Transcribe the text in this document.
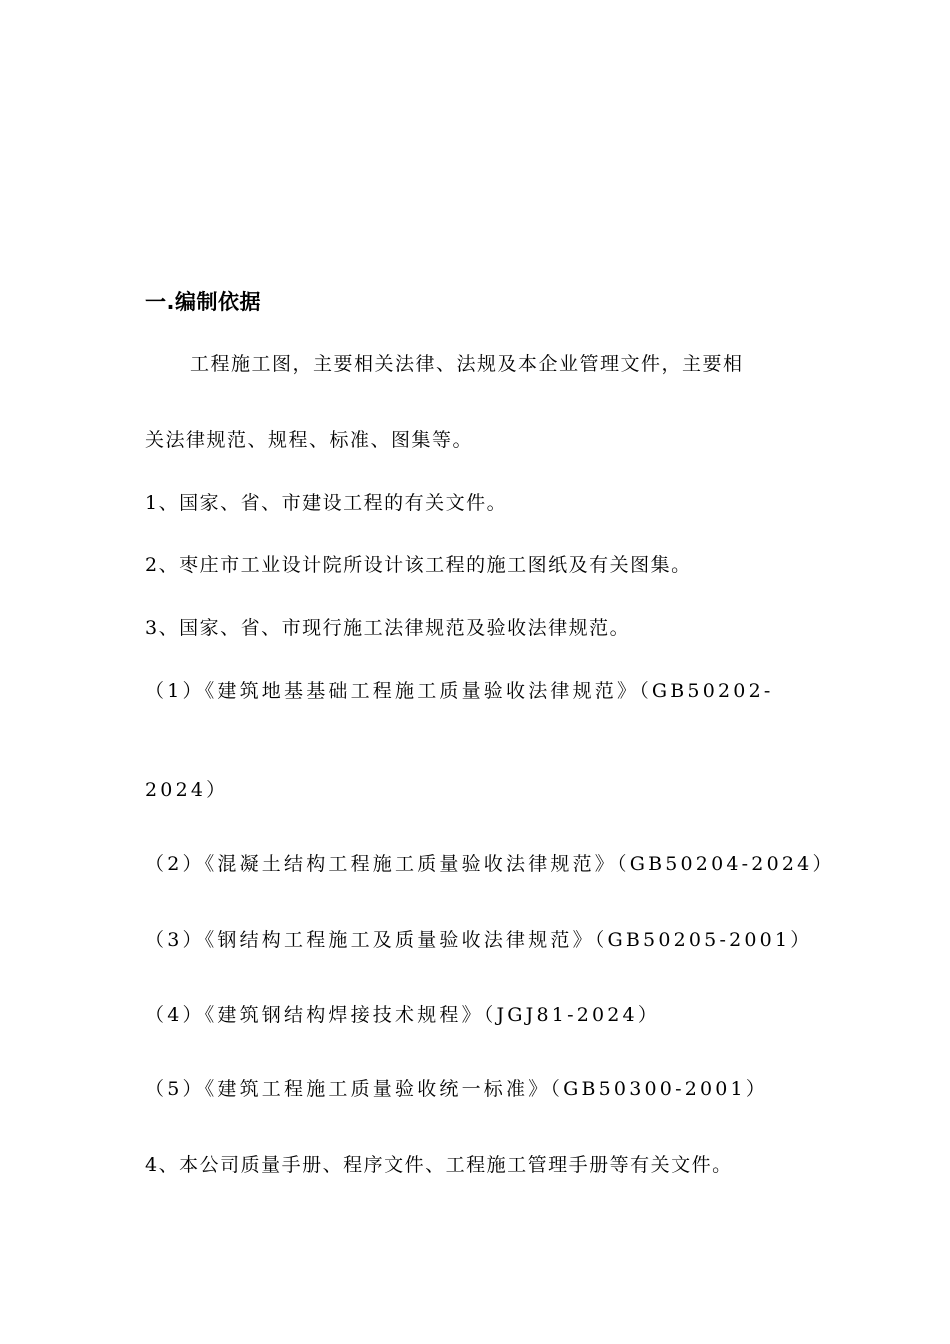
一.编制依据
工程施工图，主要相关法律、法规及本企业管理文件，主要相
关法律规范、规程、标准、图集等。
1、国家、省、市建设工程的有关文件。
2、枣庄市工业设计院所设计该工程的施工图纸及有关图集。
3、国家、省、市现行施工法律规范及验收法律规范。
（1）《建筑地基基础工程施工质量验收法律规范》（GB50202-
2024）
（2）《混凝土结构工程施工质量验收法律规范》（GB50204-2024）
（3）《钢结构工程施工及质量验收法律规范》（GB50205-2001）
（4）《建筑钢结构焊接技术规程》（JGJ81-2024）
（5）《建筑工程施工质量验收统一标准》（GB50300-2001）
4、本公司质量手册、程序文件、工程施工管理手册等有关文件。
